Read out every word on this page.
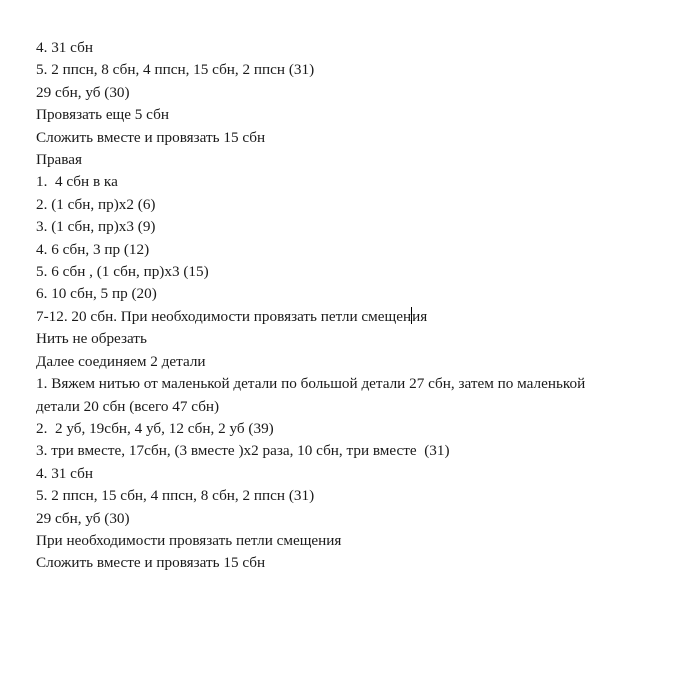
4. 31 сбн
5. 2 ппсн, 8 сбн, 4 ппсн, 15 сбн, 2 ппсн (31)
29 сбн, уб (30)
Провязать еще 5 сбн
Сложить вместе и провязать 15 сбн
Правая
1.  4 сбн в ка
2. (1 сбн, пр)х2 (6)
3. (1 сбн, пр)х3 (9)
4. 6 сбн, 3 пр (12)
5. 6 сбн , (1 сбн, пр)х3 (15)
6. 10 сбн, 5 пр (20)
7-12. 20 сбн. При необходимости провязать петли смещения
Нить не обрезать
Далее соединяем 2 детали
1. Вяжем нитью от маленькой детали по большой детали 27 сбн, затем по маленькой
детали 20 сбн (всего 47 сбн)
2.  2 уб, 19сбн, 4 уб, 12 сбн, 2 уб (39)
3. три вместе, 17сбн, (3 вместе )х2 раза, 10 сбн, три вместе  (31)
4. 31 сбн
5. 2 ппсн, 15 сбн, 4 ппсн, 8 сбн, 2 ппсн (31)
29 сбн, уб (30)
При необходимости провязать петли смещения
Сложить вместе и провязать 15 сбн
